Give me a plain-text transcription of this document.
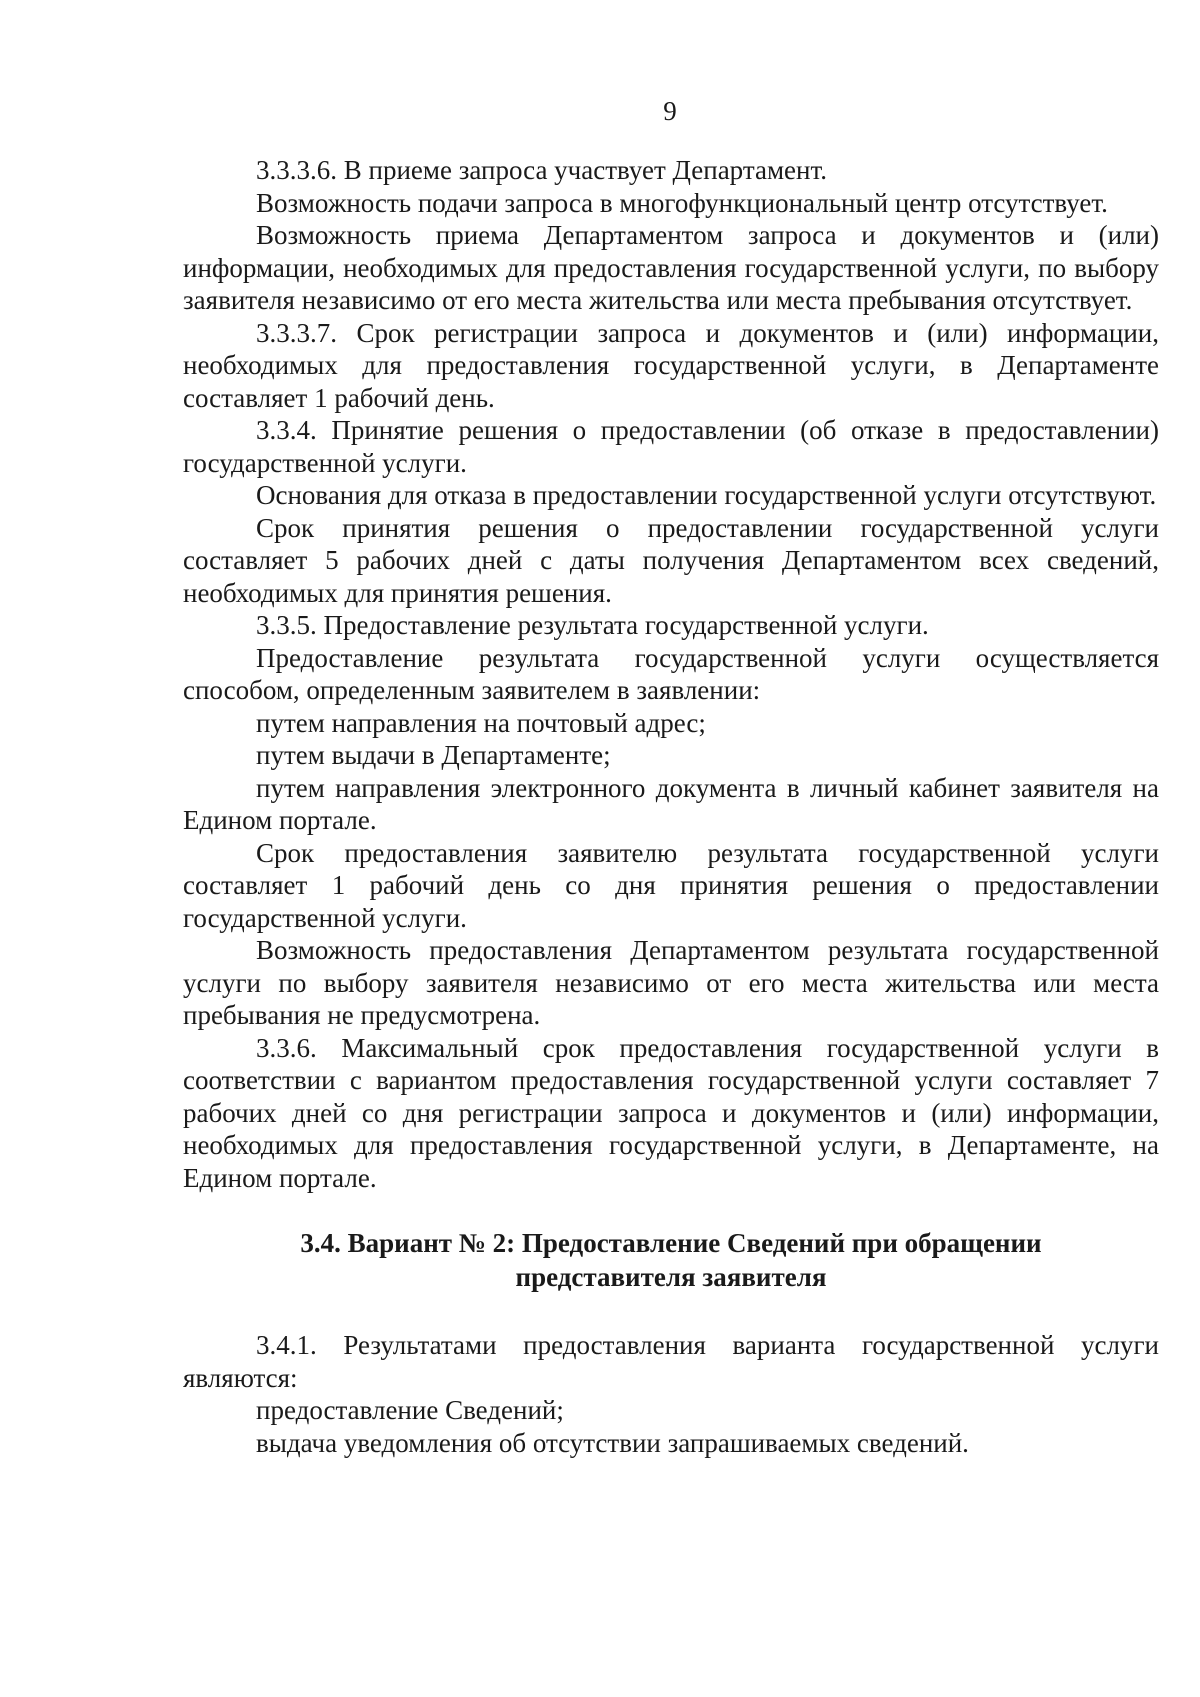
9

3.3.3.6. В приеме запроса участвует Департамент.

Возможность подачи запроса в многофункциональный центр отсутствует.

Возможность приема Департаментом запроса и документов и (или) информации, необходимых для предоставления государственной услуги, по выбору заявителя независимо от его места жительства или места пребывания отсутствует.

3.3.3.7. Срок регистрации запроса и документов и (или) информации, необходимых для предоставления государственной услуги, в Департаменте составляет 1 рабочий день.

3.3.4. Принятие решения о предоставлении (об отказе в предоставлении) государственной услуги.

Основания для отказа в предоставлении государственной услуги отсутствуют.

Срок принятия решения о предоставлении государственной услуги составляет 5 рабочих дней с даты получения Департаментом всех сведений, необходимых для принятия решения.

3.3.5. Предоставление результата государственной услуги.

Предоставление результата государственной услуги осуществляется способом, определенным заявителем в заявлении:

путем направления на почтовый адрес;

путем выдачи в Департаменте;

путем направления электронного документа в личный кабинет заявителя на Едином портале.

Срок предоставления заявителю результата государственной услуги составляет 1 рабочий день со дня принятия решения о предоставлении государственной услуги.

Возможность предоставления Департаментом результата государственной услуги по выбору заявителя независимо от его места жительства или места пребывания не предусмотрена.

3.3.6. Максимальный срок предоставления государственной услуги в соответствии с вариантом предоставления государственной услуги составляет 7 рабочих дней со дня регистрации запроса и документов и (или) информации, необходимых для предоставления государственной услуги, в Департаменте, на Едином портале.

3.4. Вариант № 2: Предоставление Сведений при обращении
представителя заявителя

3.4.1. Результатами предоставления варианта государственной услуги являются:

предоставление Сведений;

выдача уведомления об отсутствии запрашиваемых сведений.
